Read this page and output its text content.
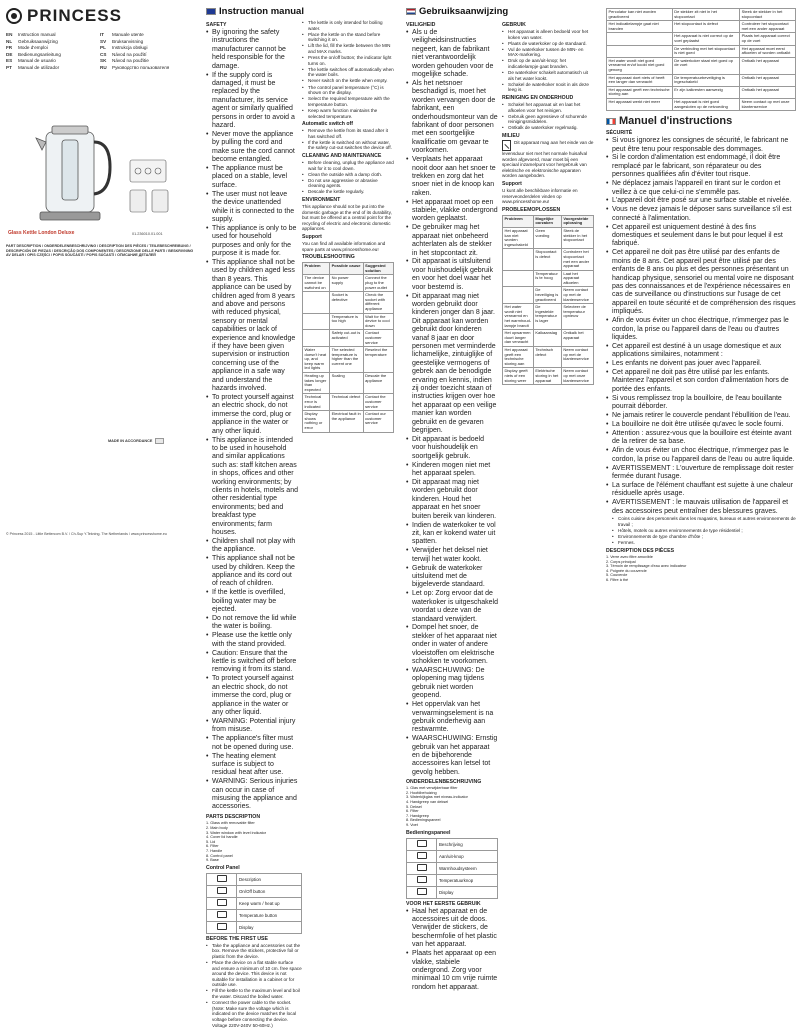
PRINCESS
EN Instruction manual
NL Gebruiksaanwijzing
FR Mode d'emploi
DE Bedienungsanleitung
ES Manual de usuario
PT Manual de utilizador
IT Manuale utente
SV Bruksanvisning
PL Instrukcja obsługi
CS Návod na použití
SK Návod na použitie
RU Руководство пользователя
Glass Kettle London Deluxe	01.236010.01.001
PART DESCRIPTION / ONDERDELENBESCHRIJVING / DESCRIPTION DES PIÈCES / TEILEBESCHREIBUNG / DESCRIPCIÓN DE PIEZAS / DESCRIÇÃO DOS COMPONENTES / DESCRIZIONE DELLE PARTI / BESKRIVNING AV DELAR / OPIS CZĘŚCI / POPIS SOUČÁSTÍ / POPIS SÚČASTÍ / ОПИСАНИЕ ДЕТАЛЕЙ
MADE IN ACCORDANCE
© Princess 2015 - Little Bettercom B.V. / Ch-Sup Y.Tekning. The Netherlands / www.princesshome.eu
Instruction manual
SAFETY
• By ignoring the safety instructions the manufacturer cannot be held responsible for the damage.
• If the supply cord is damaged, it must be replaced by the manufacturer, its service agent or similarly qualified persons in order to avoid a hazard.
• Never move the appliance by pulling the cord and make sure the cord cannot become entangled.
• The appliance must be placed on a stable, level surface.
• The user must not leave the device unattended while it is connected to the supply.
• This appliance is only to be used for household purposes and only for the purpose it is made for.
• This appliance shall not be used by children aged less than 8 years. This appliance can be used by children aged from 8 years and above and persons with reduced physical, sensory or mental capabilities or lack of experience and knowledge if they have been given supervision or instruction concerning use of the appliance in a safe way and understand the hazards involved.
• To protect yourself against an electric shock, do not immerse the cord, plug or appliance in the water or any other liquid.
• This appliance is intended to be used in household and similar applications such as: staff kitchen areas in shops, offices and other working environments; by clients in hotels, motels and other residential type environments; bed and breakfast type environments; farm houses.
• Children shall not play with the appliance.
• This appliance shall not be used by children. Keep the appliance and its cord out of reach of children.
• If the kettle is overfilled, boiling water may be ejected.
• Do not remove the lid while the water is boiling.
• Please use the kettle only with the stand provided.
• Caution: Ensure that the kettle is switched off before removing it from its stand.
• To protect yourself against an electric shock, do not immerse the cord, plug or appliance in the water or any other liquid.
• WARNING: Potential injury from misuse.
• The appliance's filter must not be opened during use.
• The heating element surface is subject to residual heat after use.
• WARNING: Serious injuries can occur in case of misusing the appliance and accessories.
• The kettle is only intended for boiling water.
• Place the kettle on the stand before switching it on.
• Lift the lid, fill the kettle between the MIN and MAX marks.
• Press the on/off button; the indicator light turns on.
• The kettle switches off automatically when the water boils.
• Never switch on the kettle when empty.
• The control panel temperature (°C) is shown on the display.
• Select the required temperature with the temperature button.
• Keep warm function maintains the selected temperature.
Automatic switch off
• Remove the kettle from its stand after it has switched off.
• If the kettle is switched on without water, the safety cut-out switches the device off.
CLEANING AND MAINTENANCE
• Before cleaning, unplug the appliance and wait for it to cool down.
• Clean the outside with a damp cloth.
• Do not use aggressive or abrasive cleaning agents.
• Descale the kettle regularly.
ENVIRONMENT

This appliance should not be put into the domestic garbage at the end of its durability, but must be offered at a central point for the recycling of electric and electronic domestic appliances.

Support

You can find all available information and spare parts at www.princesshome.eu!

TROUBLESHOOTING
Problem	Possible cause	Suggested solution
The device cannot be switched on	No power supply	Connect the plug to the power outlet
	Socket is defective	Check the socket with different appliance
	Temperature is too high	Wait for the device to cool down
	Safety cut-out is activated	Contact customer service
Water doesn't heat up, and keep warm led lights	The selected temperature is higher than the current one	Reselect the temperature
Heating up takes longer than expected	Scaling	Descale the appliance
Technical error is indicated	Technical defect	Contact the customer service
Display shows nothing or error	Electrical fault in the appliance	Contact our customer service
PARTS DESCRIPTION
1. Glass with removable filter
2. Main body
3. Water window with level indicator
4. Cover lid handle
5. Lid
6. Filter
7. Handle
8. Control panel
9. Base
Control Panel
	Description
	On/Off button
	Keep warm / heat up
	Temperature button
	Display
BEFORE THE FIRST USE
• Take the appliance and accessories out the box. Remove the stickers, protective foil or plastic from the device.
• Place the device on a flat stable surface and ensure a minimum of 10 cm. free space around the device. This device is not suitable for installation in a cabinet or for outside use.
• Fill the kettle to the maximum level and boil the water. Discard the boiled water.
• Connect the power cable to the socket. (Note: Make sure the voltage which is indicated on the device matches the local voltage before connecting the device. Voltage 220V-240V 50-60Hz.)
Gebruiksaanwijzing
VEILIGHEID
• Als u de veiligheidsinstructies negeert, kan de fabrikant niet verantwoordelijk worden gehouden voor de mogelijke schade.
• Als het netsnoer beschadigd is, moet het worden vervangen door de fabrikant, een onderhoudsmonteur van de fabrikant of door personen met een soortgelijke kwalificatie om gevaar te voorkomen.
• Verplaats het apparaat nooit door aan het snoer te trekken en zorg dat het snoer niet in de knoop kan raken.
• Het apparaat moet op een stabiele, vlakke ondergrond worden geplaatst.
• De gebruiker mag het apparaat niet onbeheerd achterlaten als de stekker in het stopcontact zit.
• Dit apparaat is uitsluitend voor huishoudelijk gebruik en voor het doel waar het voor bestemd is.
• Dit apparaat mag niet worden gebruikt door kinderen jonger dan 8 jaar. Dit apparaat kan worden gebruikt door kinderen vanaf 8 jaar en door personen met verminderde lichamelijke, zintuiglijke of geestelijke vermogens of gebrek aan de benodigde ervaring en kennis, indien zij onder toezicht staan of instructies krijgen over hoe het apparaat op een veilige manier kan worden gebruikt en de gevaren begrijpen.
• Dit apparaat is bedoeld voor huishoudelijk en soortgelijk gebruik.
• Kinderen mogen niet met het apparaat spelen.
• Dit apparaat mag niet worden gebruikt door kinderen. Houd het apparaat en het snoer buiten bereik van kinderen.
• Indien de waterkoker te vol zit, kan er kokend water uit spatten.
• Verwijder het deksel niet terwijl het water kookt.
• Gebruik de waterkoker uitsluitend met de bijgeleverde standaard.
• Let op: Zorg ervoor dat de waterkoker is uitgeschakeld voordat u deze van de standaard verwijdert.
• Dompel het snoer, de stekker of het apparaat niet onder in water of andere vloeistoffen om elektrische schokken te voorkomen.
• WAARSCHUWING: De oplopening mag tijdens gebruik niet worden geopend.
• Het oppervlak van het verwarmingselement is na gebruik onderhevig aan restwarmte.
• WAARSCHUWING: Ernstig gebruik van het apparaat en de bijbehorende accessoires kan letsel tot gevolg hebben.
ONDERDELENBESCHRIJVING
1. Glas met verwijderbaar filter
2. Hoofdbehuizing
3. Waterkijkglas met niveau-indicator
4. Handgreep van deksel
5. Deksel
6. Filter
7. Handgreep
8. Bedieningspaneel
9. Voet
Bedieningspaneel
	Beschrijving
	Aan/uit-knop
	Warmhoudsysteem
	Temperatuurknop
	Display
VOOR HET EERSTE GEBRUIK
• Haal het apparaat en de accessoires uit de doos. Verwijder de stickers, de beschermfolie of het plastic van het apparaat.
• Plaats het apparaat op een vlakke, stabiele ondergrond. Zorg voor minimaal 10 cm vrije ruimte rondom het apparaat.
GEBRUIK
• Het apparaat is alleen bedoeld voor het koken van water.
• Plaats de waterkoker op de standaard.
• Vul de waterkoker tussen de MIN- en MAX-markering.
• Druk op de aan/uit-knop; het indicatielampje gaat branden.
• De waterkoker schakelt automatisch uit als het water kookt.
• Schakel de waterkoker nooit in als deze leeg is.
REINIGING EN ONDERHOUD
• Schakel het apparaat uit en laat het afkoelen voor het reinigen.
• Gebruik geen agressieve of schurende reinigingsmiddelen.
• Ontkalk de waterkoker regelmatig.
MILIEU

Dit apparaat mag aan het einde van de levensduur niet met het normale huisafval worden afgevoerd, maar moet bij een speciaal inzamelpunt voor hergebruik van elektrische en elektronische apparaten worden aangeboden.

Support

U kunt alle beschikbare informatie en reserveonderdelen vinden op www.princesshome.eu!

PROBLEEMOPLOSSEN
Probleem	Mogelijke oorzaken	Voorgestelde oplossing
Het apparaat kan niet worden ingeschakeld	Geen voeding	Steek de stekker in het stopcontact
	Stopcontact is defect	Controleer het stopcontact met een ander apparaat
	Temperatuur is te hoog	Laat het apparaat afkoelen
	De beveiliging is geactiveerd	Neem contact op met de klantenservice
Het water wordt niet verwarmd en het warmhoud-lampje brandt	De ingestelde temperatuur is lager	Selecteer de temperatuur opnieuw
Het opwarmen duurt langer dan verwacht	Kalkaanslag	Ontkalk het apparaat
Het apparaat geeft een technische storing aan	Technisch defect	Neem contact op met de klantenservice
Display geeft niets of een storing weer	Elektrische storing in het apparaat	Neem contact op met onze klantenservice
Percolator kan niet worden geactiveerd	De stekker zit niet in het stopcontact	Steek de stekker in het stopcontact
Het indicatielampje gaat niet branden	Het stopcontact is defect	Controleer het stopcontact met een ander apparaat
	Het apparaat is niet correct op de voet geplaatst	Plaats het apparaat correct op de voet
	De verbinding met het stopcontact is niet goed	Het apparaat moet eerst afkoelen of worden ontkalkt
Het water wordt niet goed verwarmd en/of kookt niet goed genoeg	De waterkoker staat niet goed op de voet	Ontkalk het apparaat
Het apparaat doet niets of heeft een langer dan verwacht	De temperatuurbeveiliging is ingeschakeld	Ontkalk het apparaat
Het apparaat geeft een technische storing aan	Er zijn kalkresten aanwezig	Ontkalk het apparaat
Het apparaat werkt niet meer	Het apparaat is niet goed aangesloten op de netvoeding	Neem contact op met onze klantenservice
Manuel d'instructions
SÉCURITÉ
• Si vous ignorez les consignes de sécurité, le fabricant ne peut être tenu pour responsable des dommages.
• Si le cordon d'alimentation est endommagé, il doit être remplacé par le fabricant, son réparateur ou des personnes qualifiées afin d'éviter tout risque.
• Ne déplacez jamais l'appareil en tirant sur le cordon et veillez à ce que celui-ci ne s'emmêle pas.
• L'appareil doit être posé sur une surface stable et nivelée.
• Vous ne devez jamais le déposer sans surveillance s'il est connecté à l'alimentation.
• Cet appareil est uniquement destiné à des fins domestiques et seulement dans le but pour lequel il est fabriqué.
• Cet appareil ne doit pas être utilisé par des enfants de moins de 8 ans. Cet appareil peut être utilisé par des enfants de 8 ans ou plus et des personnes présentant un handicap physique, sensoriel ou mental voire ne disposant pas des connaissances et de l'expérience nécessaires en cas de surveillance ou d'instructions sur l'usage de cet appareil en toute sécurité et de compréhension des risques impliqués.
• Afin de vous éviter un choc électrique, n'immergez pas le cordon, la prise ou l'appareil dans de l'eau ou d'autres liquides.
• Cet appareil est destiné à un usage domestique et aux applications similaires, notamment :
• Les enfants ne doivent pas jouer avec l'appareil.
• Cet appareil ne doit pas être utilisé par les enfants. Maintenez l'appareil et son cordon d'alimentation hors de portée des enfants.
• Si vous remplissez trop la bouilloire, de l'eau bouillante pourrait déborder.
• Ne jamais retirer le couvercle pendant l'ébullition de l'eau.
• La bouilloire ne doit être utilisée qu'avec le socle fourni.
• Attention : assurez-vous que la bouilloire est éteinte avant de la retirer de sa base.
• Afin de vous éviter un choc électrique, n'immergez pas le cordon, la prise ou l'appareil dans de l'eau ou autre liquide.
• AVERTISSEMENT : L'ouverture de remplissage doit rester fermée durant l'usage.
• La surface de l'élément chauffant est sujette à une chaleur résiduelle après usage.
• AVERTISSEMENT : le mauvais utilisation de l'appareil et des accessoires peut entraîner des blessures graves.
• Coins cuisine des personnels dans les magasins, bureaux et autres environnements de travail ;
• Hôtels, motels ou autres environnements de type résidentiel ;
• Environnements de type chambre d'hôte ;
• Fermes.
DESCRIPTION DES PIÈCES
1. Verre avec filtre amovible
2. Corps principal
3. Témoin de remplissage d'eau avec indicateur
4. Poignée du couvercle
5. Couvercle
6. Filtre à thé
